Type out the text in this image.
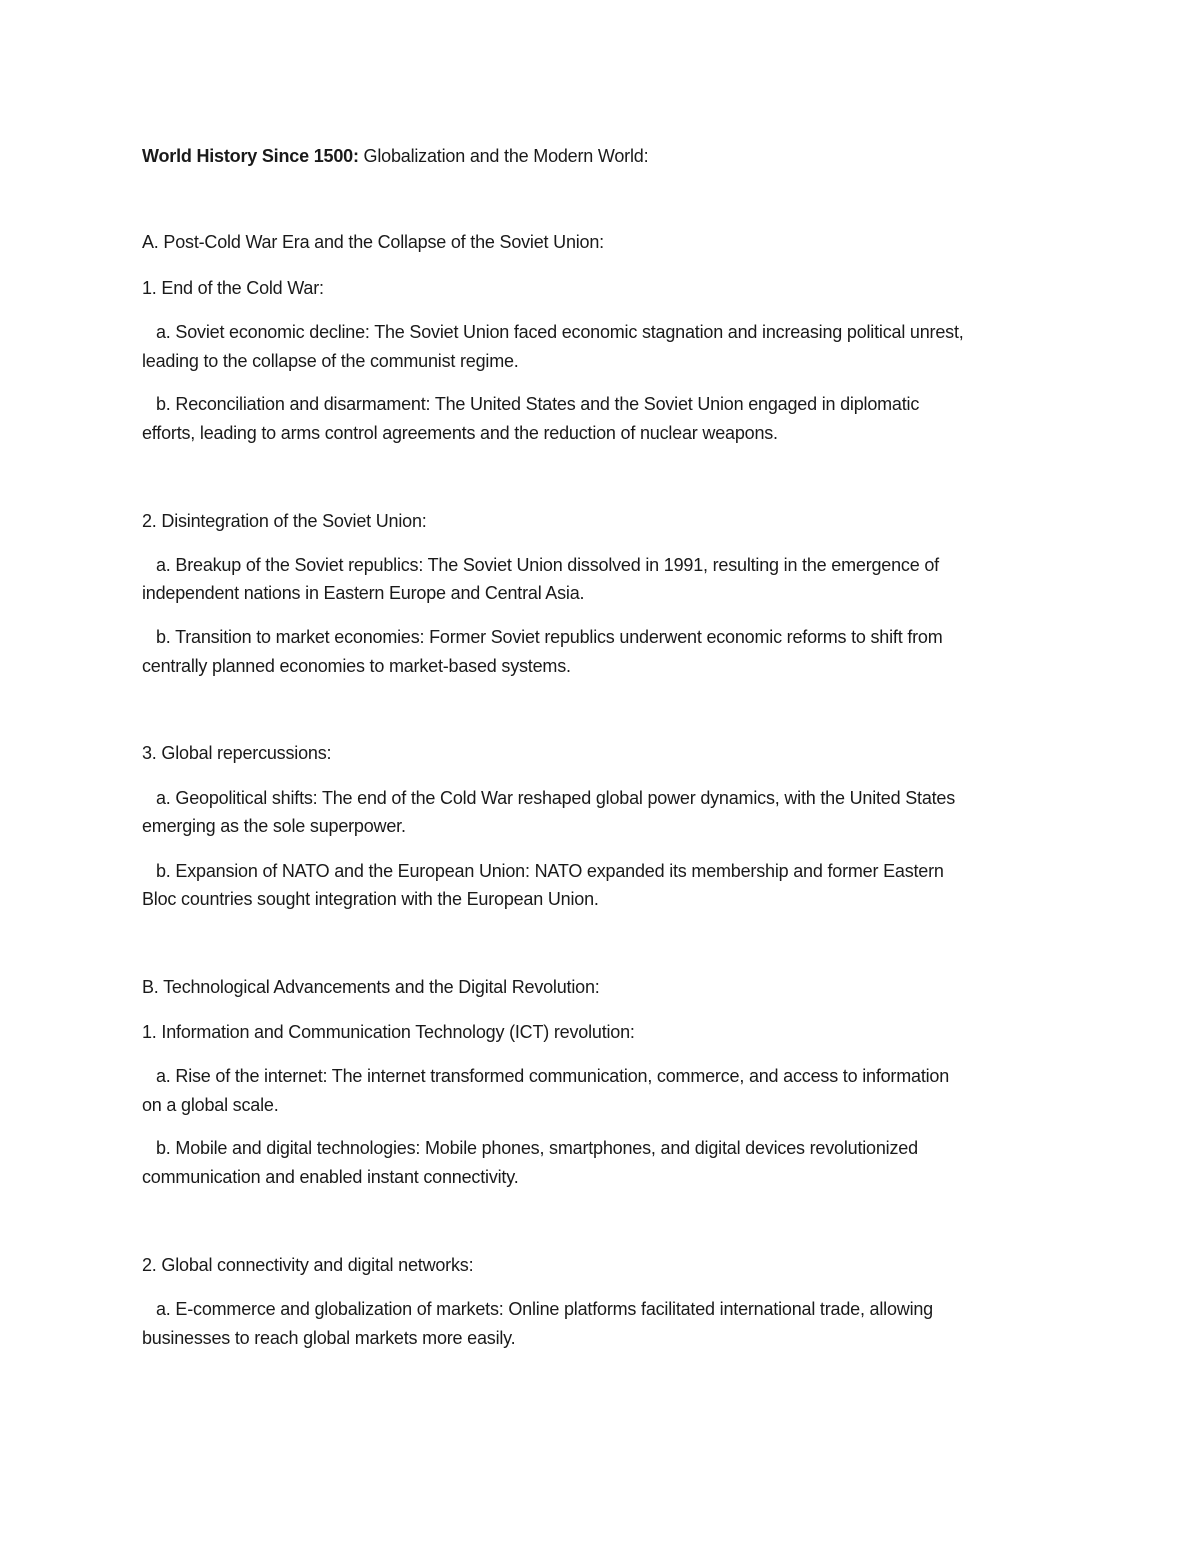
World History Since 1500: Globalization and the Modern World:
A. Post-Cold War Era and the Collapse of the Soviet Union:
1. End of the Cold War:
a. Soviet economic decline: The Soviet Union faced economic stagnation and increasing political unrest,
leading to the collapse of the communist regime.
b. Reconciliation and disarmament: The United States and the Soviet Union engaged in diplomatic
efforts, leading to arms control agreements and the reduction of nuclear weapons.
2. Disintegration of the Soviet Union:
a. Breakup of the Soviet republics: The Soviet Union dissolved in 1991, resulting in the emergence of
independent nations in Eastern Europe and Central Asia.
b. Transition to market economies: Former Soviet republics underwent economic reforms to shift from
centrally planned economies to market-based systems.
3. Global repercussions:
a. Geopolitical shifts: The end of the Cold War reshaped global power dynamics, with the United States
emerging as the sole superpower.
b. Expansion of NATO and the European Union: NATO expanded its membership and former Eastern
Bloc countries sought integration with the European Union.
B. Technological Advancements and the Digital Revolution:
1. Information and Communication Technology (ICT) revolution:
a. Rise of the internet: The internet transformed communication, commerce, and access to information
on a global scale.
b. Mobile and digital technologies: Mobile phones, smartphones, and digital devices revolutionized
communication and enabled instant connectivity.
2. Global connectivity and digital networks:
a. E-commerce and globalization of markets: Online platforms facilitated international trade, allowing
businesses to reach global markets more easily.
